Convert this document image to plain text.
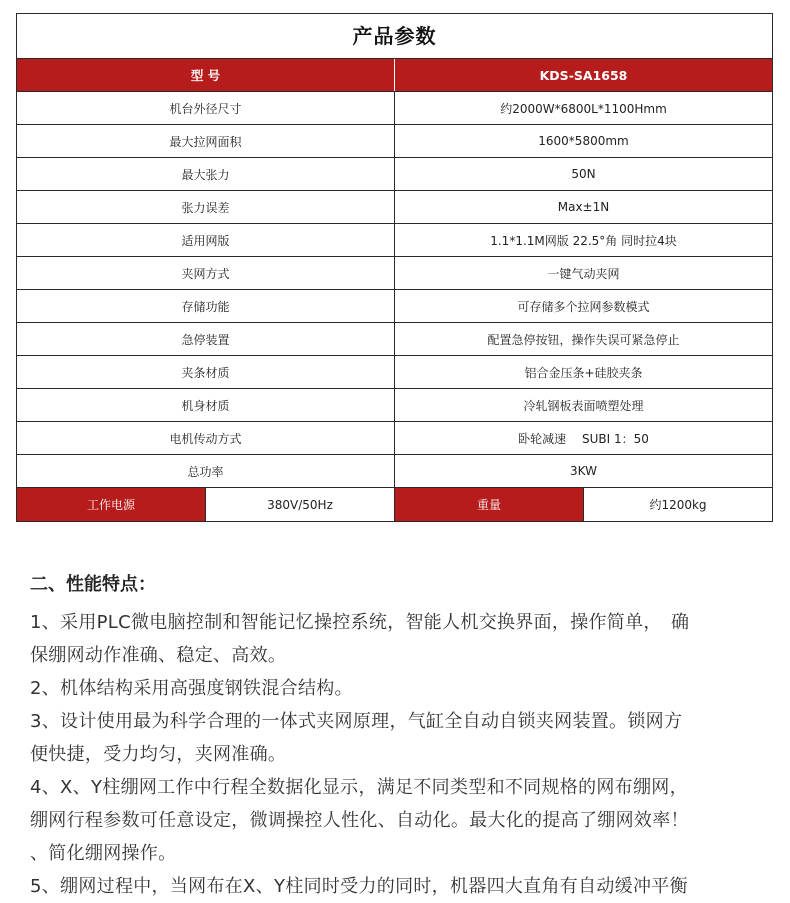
产品参数
型 号	KDS-SA1658
机台外径尺寸	约2000W*6800L*1100Hmm
最大拉网面积	1600*5800mm
最大张力	50N
张力误差	Max±1N
适用网版	1.1*1.1M网版 22.5°角 同时拉4块
夹网方式	一键气动夹网
存储功能	可存储多个拉网参数模式
急停装置	配置急停按钮，操作失误可紧急停止
夹条材质	铝合金压条+硅胶夹条
机身材质	冷轧钢板表面喷塑处理
电机传动方式	卧轮减速　 SUBI 1：50
总功率	3KW
工作电源	380V/50Hz	重量	约1200kg
二、性能特点：

1、采用PLC微电脑控制和智能记忆操控系统，智能人机交换界面，操作简单，　确

保绷网动作准确、稳定、高效。

2、机体结构采用高强度钢铁混合结构。

3、设计使用最为科学合理的一体式夹网原理，气缸全自动自锁夹网装置。锁网方

便快捷，受力均匀，夹网准确。

4、X、Y柱绷网工作中行程全数据化显示，满足不同类型和不同规格的网布绷网，

绷网行程参数可任意设定，微调操控人性化、自动化。最大化的提高了绷网效率！

、简化绷网操作。

5、绷网过程中，当网布在X、Y柱同时受力的同时，机器四大直角有自动缓冲平衡
